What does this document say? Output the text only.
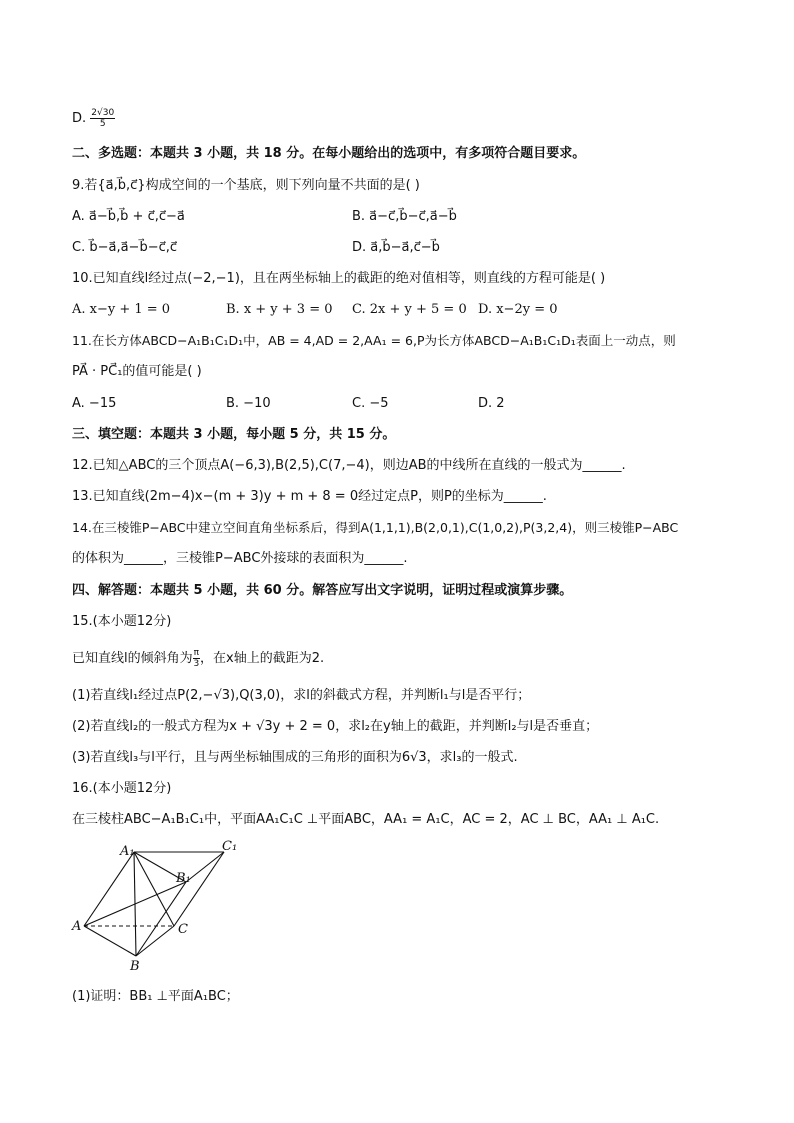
D. $\frac{2√30}{5}$
二、多选题：本题共 3 小题，共 18 分。在每小题给出的选项中，有多项符合题目要求。
9.若{a⃗,b⃗,c⃗}构成空间的一个基底，则下列向量不共面的是( )
A. a⃗−b⃗,b⃗ + c⃗,c⃗−a⃗	B. a⃗−c⃗,b⃗−c⃗,a⃗−b⃗
C. b⃗−a⃗,a⃗−b⃗−c⃗,c⃗	D. a⃗,b⃗−a⃗,c⃗−b⃗
10.已知直线l经过点(−2,−1)，且在两坐标轴上的截距的绝对值相等，则直线的方程可能是( )
A. x−y + 1 = 0	B. x + y + 3 = 0 C. 2x + y + 5 = 0 D. x−2y = 0
11.在长方体ABCD−A₁B₁C₁D₁中，AB = 4,AD = 2,AA₁ = 6,P为长方体ABCD−A₁B₁C₁D₁表面上一动点，则
PA⃗ · PC⃗₁的值可能是( )
A. −15	B. −10	C. −5	D. 2
三、填空题：本题共 3 小题，每小题 5 分，共 15 分。
12.已知△ABC的三个顶点A(−6,3),B(2,5),C(7,−4)，则边AB的中线所在直线的一般式为______.
13.已知直线(2m−4)x−(m + 3)y + m + 8 = 0经过定点P，则P的坐标为______.
14.在三棱锥P−ABC中建立空间直角坐标系后，得到A(1,1,1),B(2,0,1),C(1,0,2),P(3,2,4)，则三棱锥P−ABC
的体积为______，三棱锥P−ABC外接球的表面积为______.
四、解答题：本题共 5 小题，共 60 分。解答应写出文字说明，证明过程或演算步骤。
15.(本小题12分)
已知直线l的倾斜角为 $\frac{\pi}{3}$ ，在x轴上的截距为2.
(1)若直线l₁经过点P(2,−√3),Q(3,0)，求l的斜截式方程，并判断l₁与l是否平行；
(2)若直线l₂的一般式方程为x + √3y + 2 = 0，求l₂在y轴上的截距，并判断l₂与l是否垂直；
(3)若直线l₃与l平行，且与两坐标轴围成的三角形的面积为6√3，求l₃的一般式.
16.(本小题12分)
在三棱柱ABC−A₁B₁C₁中，平面AA₁C₁C ⊥平面ABC，AA₁ = A₁C，AC = 2，AC ⊥ BC，AA₁ ⊥ A₁C.
A₁	C₁
B₁
A	C
B
(1)证明：BB₁ ⊥平面A₁BC；
